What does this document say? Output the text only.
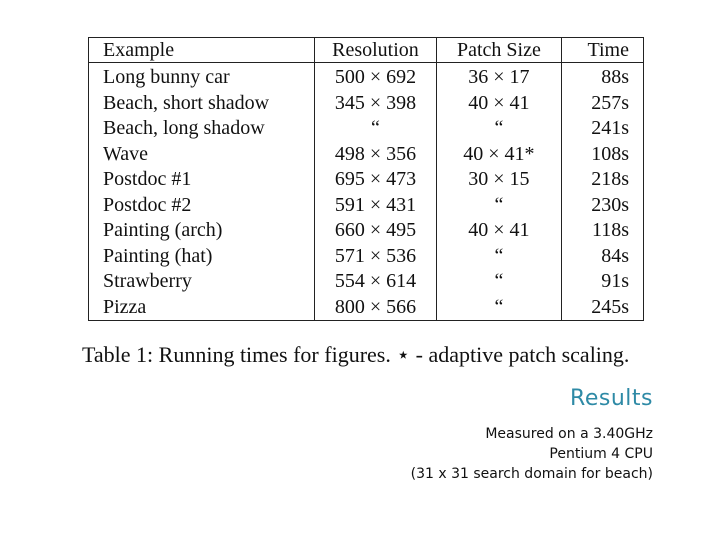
Example	Resolution	Patch Size	Time
Long bunny car	500 × 692	36 × 17	88s
Beach, short shadow	345 × 398	40 × 41	257s
Beach, long shadow	“	“	241s
Wave	498 × 356	40 × 41*	108s
Postdoc #1	695 × 473	30 × 15	218s
Postdoc #2	591 × 431	“	230s
Painting (arch)	660 × 495	40 × 41	118s
Painting (hat)	571 × 536	“	84s
Strawberry	554 × 614	“	91s
Pizza	800 × 566	“	245s
Table 1: Running times for figures. ⋆ - adaptive patch scaling.
Results
Measured on a 3.40GHz
Pentium 4 CPU
(31 x 31 search domain for beach)
